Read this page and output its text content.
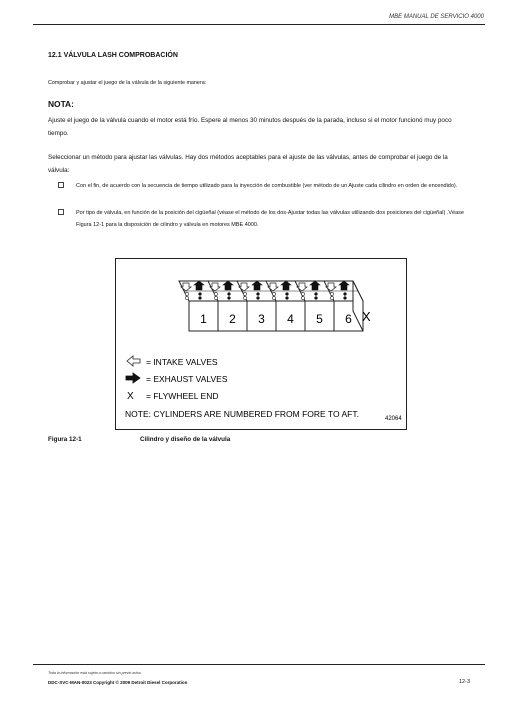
MBE MANUAL DE SERVICIO 4000
12.1 VÁLVULA LASH COMPROBACIÓN
Comprobar y ajustar el juego de la válvula de la siguiente manera:
NOTA:
Ajuste el juego de la válvula cuando el motor está frío. Espere al menos 30 minutos después de la parada, incluso si el motor funcionó muy poco tiempo.
Seleccionar un método para ajustar las válvulas. Hay dos métodos aceptables para el ajuste de las válvulas, antes de comprobar el juego de la válvula:
Con el fin, de acuerdo con la secuencia de tiempo utilizado para la inyección de combustible (ver método de un Ajuste cada cilindro en orden de encendido).
Por tipo de válvula, en función de la posición del cigüeñal (véase el método de los dos-Ajustar todas las válvulas utilizando dos posiciones del cigüeñal) .Véase Figura 12-1 para la disposición de cilindro y válvula en motores MBE 4000.
1 2 3 4 5 6 X
= INTAKE VALVES
= EXHAUST VALVES
X = FLYWHEEL END
NOTE: CYLINDERS ARE NUMBERED FROM FORE TO AFT.	42064
Figura 12-1	Cilindro y diseño de la válvula
Toda la información está sujeta a cambios sin previo aviso.
DDC-SVC-MAN-0023 Copyright © 2009 Detroit Diesel Corporation	12-3
